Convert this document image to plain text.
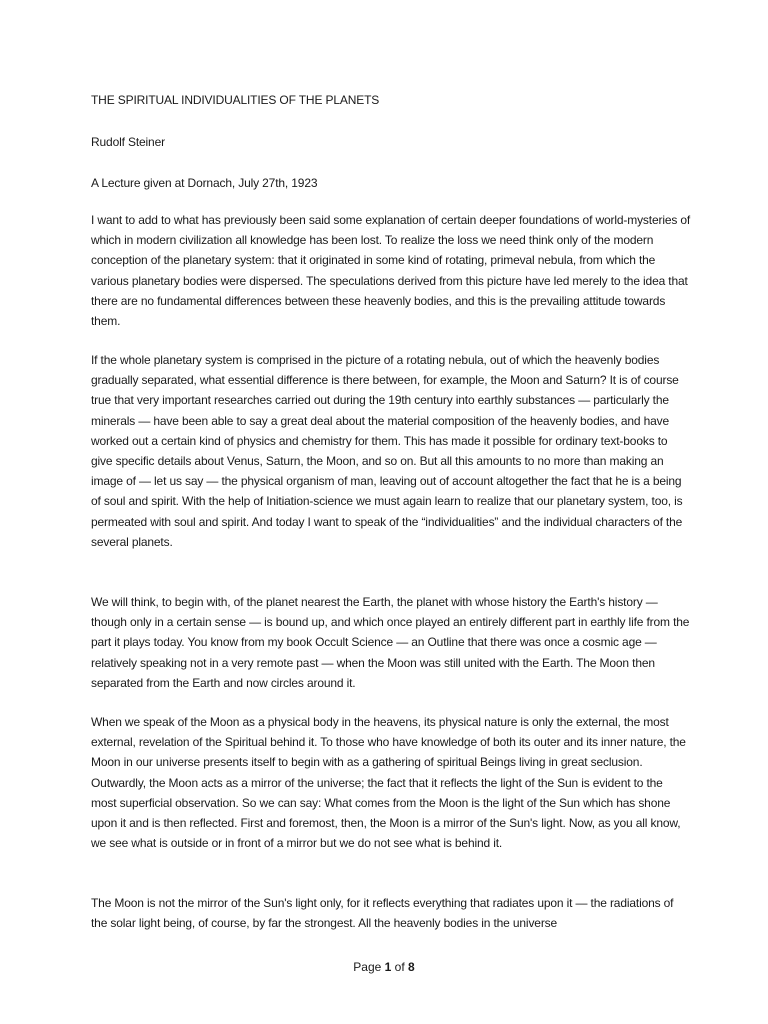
THE SPIRITUAL INDIVIDUALITIES OF THE PLANETS

Rudolf Steiner

A Lecture given at Dornach, July 27th, 1923

I want to add to what has previously been said some explanation of certain deeper foundations of world-mysteries of which in modern civilization all knowledge has been lost. To realize the loss we need think only of the modern conception of the planetary system: that it originated in some kind of rotating, primeval nebula, from which the various planetary bodies were dispersed. The speculations derived from this picture have led merely to the idea that there are no fundamental differences between these heavenly bodies, and this is the prevailing attitude towards them.

If the whole planetary system is comprised in the picture of a rotating nebula, out of which the heavenly bodies gradually separated, what essential difference is there between, for example, the Moon and Saturn? It is of course true that very important researches carried out during the 19th century into earthly substances — particularly the minerals — have been able to say a great deal about the material composition of the heavenly bodies, and have worked out a certain kind of physics and chemistry for them. This has made it possible for ordinary text-books to give specific details about Venus, Saturn, the Moon, and so on. But all this amounts to no more than making an image of — let us say — the physical organism of man, leaving out of account altogether the fact that he is a being of soul and spirit. With the help of Initiation-science we must again learn to realize that our planetary system, too, is permeated with soul and spirit. And today I want to speak of the “individualities” and the individual characters of the several planets.

We will think, to begin with, of the planet nearest the Earth, the planet with whose history the Earth's history — though only in a certain sense — is bound up, and which once played an entirely different part in earthly life from the part it plays today. You know from my book Occult Science — an Outline that there was once a cosmic age — relatively speaking not in a very remote past — when the Moon was still united with the Earth. The Moon then separated from the Earth and now circles around it.

When we speak of the Moon as a physical body in the heavens, its physical nature is only the external, the most external, revelation of the Spiritual behind it. To those who have knowledge of both its outer and its inner nature, the Moon in our universe presents itself to begin with as a gathering of spiritual Beings living in great seclusion. Outwardly, the Moon acts as a mirror of the universe; the fact that it reflects the light of the Sun is evident to the most superficial observation. So we can say: What comes from the Moon is the light of the Sun which has shone upon it and is then reflected. First and foremost, then, the Moon is a mirror of the Sun's light. Now, as you all know, we see what is outside or in front of a mirror but we do not see what is behind it.

The Moon is not the mirror of the Sun's light only, for it reflects everything that radiates upon it — the radiations of the solar light being, of course, by far the strongest. All the heavenly bodies in the universe

Page 1 of 8
